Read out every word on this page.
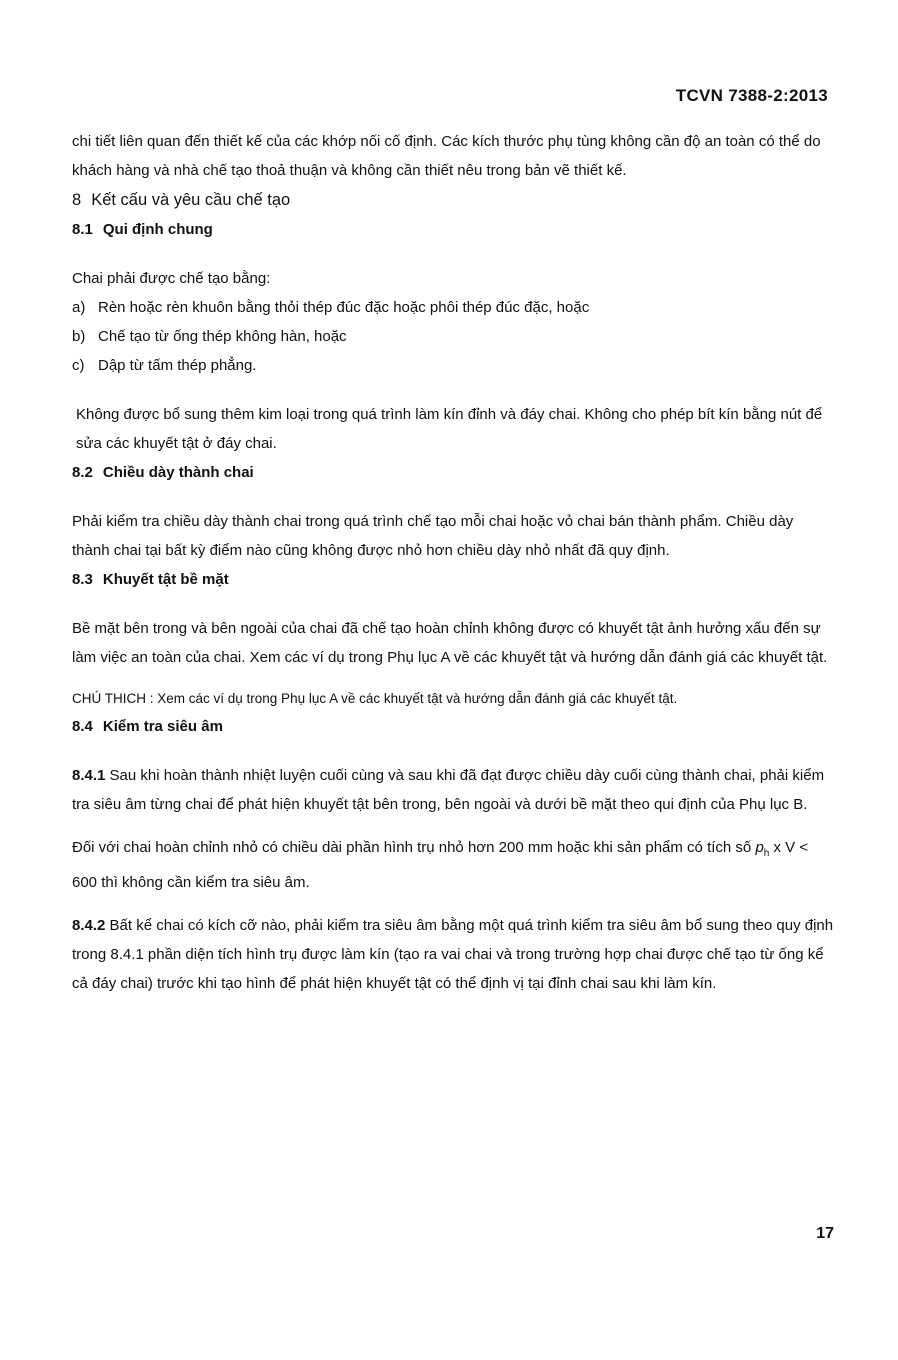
TCVN 7388-2:2013

chi tiết liên quan đến thiết kế của các khớp nối cố định. Các kích thước phụ tùng không cần độ an toàn có thể do khách hàng và nhà chế tạo thoả thuận và không cần thiết nêu trong bản vẽ thiết kế.

8 Kết cấu và yêu cầu chế tạo
8.1 Qui định chung

Chai phải được chế tạo bằng:

a) Rèn hoặc rèn khuôn bằng thỏi thép đúc đặc hoặc phôi thép đúc đặc, hoặc

b) Chế tạo từ ống thép không hàn, hoặc

c) Dập từ tấm thép phẳng.

Không được bổ sung thêm kim loại trong quá trình làm kín đỉnh và đáy chai. Không cho phép bít kín bằng nút để sửa các khuyết tật ở đáy chai.

8.2 Chiều dày thành chai

Phải kiểm tra chiều dày thành chai trong quá trình chế tạo mỗi chai hoặc vỏ chai bán thành phẩm. Chiều dày thành chai tại bất kỳ điểm nào cũng không được nhỏ hơn chiều dày nhỏ nhất đã quy định.

8.3 Khuyết tật bề mặt

Bề mặt bên trong và bên ngoài của chai đã chế tạo hoàn chỉnh không được có khuyết tật ảnh hưởng xấu đến sự làm việc an toàn của chai. Xem các ví dụ trong Phụ lục A về các khuyết tật và hướng dẫn đánh giá các khuyết tật.

CHÚ THICH : Xem các ví dụ trong Phụ lục A về các khuyết tật và hướng dẫn đánh giá các khuyết tật.

8.4 Kiểm tra siêu âm

8.4.1 Sau khi hoàn thành nhiệt luyện cuối cùng và sau khi đã đạt được chiều dày cuối cùng thành chai, phải kiểm tra siêu âm từng chai để phát hiện khuyết tật bên trong, bên ngoài và dưới bề mặt theo qui định của Phụ lục B.

Đối với chai hoàn chỉnh nhỏ có chiều dài phần hình trụ nhỏ hơn 200 mm hoặc khi sản phẩm có tích số $p_h$ x V < 600 thì không cần kiểm tra siêu âm.

8.4.2 Bất kể chai có kích cỡ nào, phải kiểm tra siêu âm bằng một quá trình kiểm tra siêu âm bổ sung theo quy định trong 8.4.1 phần diện tích hình trụ được làm kín (tạo ra vai chai và trong trường hợp chai được chế tạo từ ống kể cả đáy chai) trước khi tạo hình để phát hiện khuyết tật có thể định vị tại đỉnh chai sau khi làm kín.

17
